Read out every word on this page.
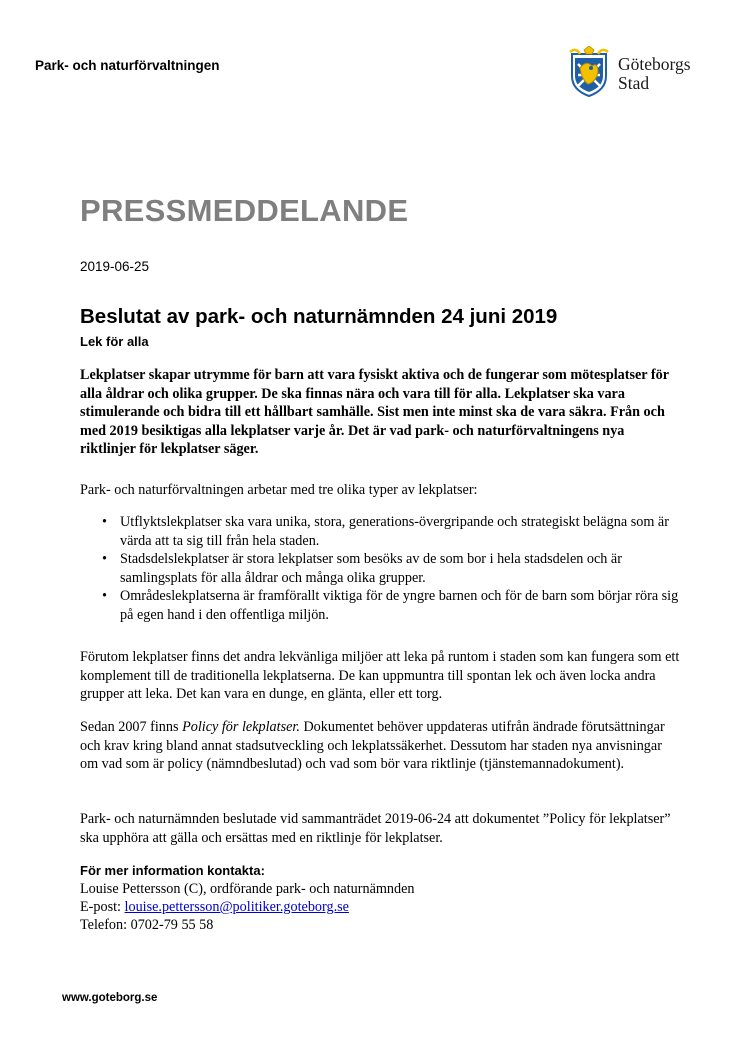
Park- och naturförvaltningen	Göteborgs
Stad
PRESSMEDDELANDE
2019-06-25
Beslutat av park- och naturnämnden 24 juni 2019
Lek för alla
Lekplatser skapar utrymme för barn att vara fysiskt aktiva och de fungerar som mötesplatser för alla åldrar och olika grupper. De ska finnas nära och vara till för alla. Lekplatser ska vara stimulerande och bidra till ett hållbart samhälle. Sist men inte minst ska de vara säkra. Från och med 2019 besiktigas alla lekplatser varje år. Det är vad park- och naturförvaltningens nya riktlinjer för lekplatser säger.
Park- och naturförvaltningen arbetar med tre olika typer av lekplatser:
• Utflyktslekplatser ska vara unika, stora, generations-övergripande och strategiskt belägna som är värda att ta sig till från hela staden.
• Stadsdelslekplatser är stora lekplatser som besöks av de som bor i hela stadsdelen och är samlingsplats för alla åldrar och många olika grupper.
• Områdeslekplatserna är framförallt viktiga för de yngre barnen och för de barn som börjar röra sig på egen hand i den offentliga miljön.
Förutom lekplatser finns det andra lekvänliga miljöer att leka på runtom i staden som kan fungera som ett komplement till de traditionella lekplatserna. De kan uppmuntra till spontan lek och även locka andra grupper att leka. Det kan vara en dunge, en glänta, eller ett torg.
Sedan 2007 finns Policy för lekplatser. Dokumentet behöver uppdateras utifrån ändrade förutsättningar och krav kring bland annat stadsutveckling och lekplatssäkerhet. Dessutom har staden nya anvisningar om vad som är policy (nämndbeslutad) och vad som bör vara riktlinje (tjänstemannadokument).
Park- och naturnämnden beslutade vid sammanträdet 2019-06-24 att dokumentet ”Policy för lekplatser” ska upphöra att gälla och ersättas med en riktlinje för lekplatser.
För mer information kontakta:
Louise Pettersson (C), ordförande park- och naturnämnden
E-post: louise.pettersson@politiker.goteborg.se
Telefon: 0702-79 55 58
www.goteborg.se
